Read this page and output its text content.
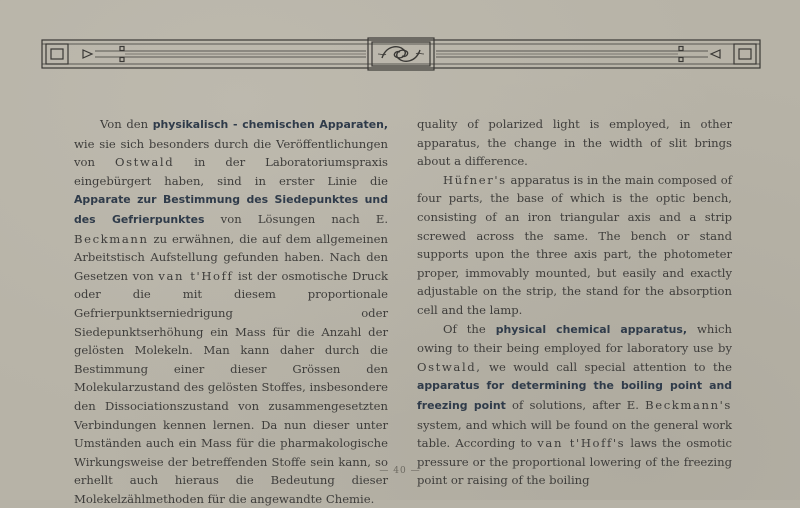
Von den physikalisch - chemischen Apparaten, wie sie sich besonders durch die Veröffentlichungen von Ostwald in der Laboratoriumspraxis eingebürgert haben, sind in erster Linie die Apparate zur Bestimmung des Siedepunktes und des Gefrierpunktes von Lösungen nach E. Beckmann zu erwähnen, die auf dem allgemeinen Arbeitstisch Aufstellung gefunden haben. Nach den Gesetzen von van t'Hoff ist der osmotische Druck oder die mit diesem proportionale Gefrierpunktserniedrigung oder Siedepunktserhöhung ein Mass für die Anzahl der gelösten Molekeln. Man kann daher durch die Bestimmung einer dieser Grössen den Molekularzustand des gelösten Stoffes, insbesondere den Dissociationszustand von zusammengesetzten Verbindungen kennen lernen. Da nun dieser unter Umständen auch ein Mass für die pharmakologische Wirkungsweise der betreffenden Stoffe sein kann, so erhellt auch hieraus die Bedeutung dieser Molekelzählmethoden für die angewandte Chemie.

quality of polarized light is employed, in other apparatus, the change in the width of slit brings about a difference.

Hüfner's apparatus is in the main composed of four parts, the base of which is the optic bench, consisting of an iron triangular axis and a strip screwed across the same. The bench or stand supports upon the three axis part, the photometer proper, immovably mounted, but easily and exactly adjustable on the strip, the stand for the absorption cell and the lamp.

Of the physical chemical apparatus, which owing to their being employed for laboratory use by Ostwald, we would call special attention to the apparatus for determining the boiling point and freezing point of solutions, after E. Beckmann's system, and which will be found on the general work table. According to van t'Hoff's laws the osmotic pressure or the proportional lowering of the freezing point or raising of the boiling

— 40 —
